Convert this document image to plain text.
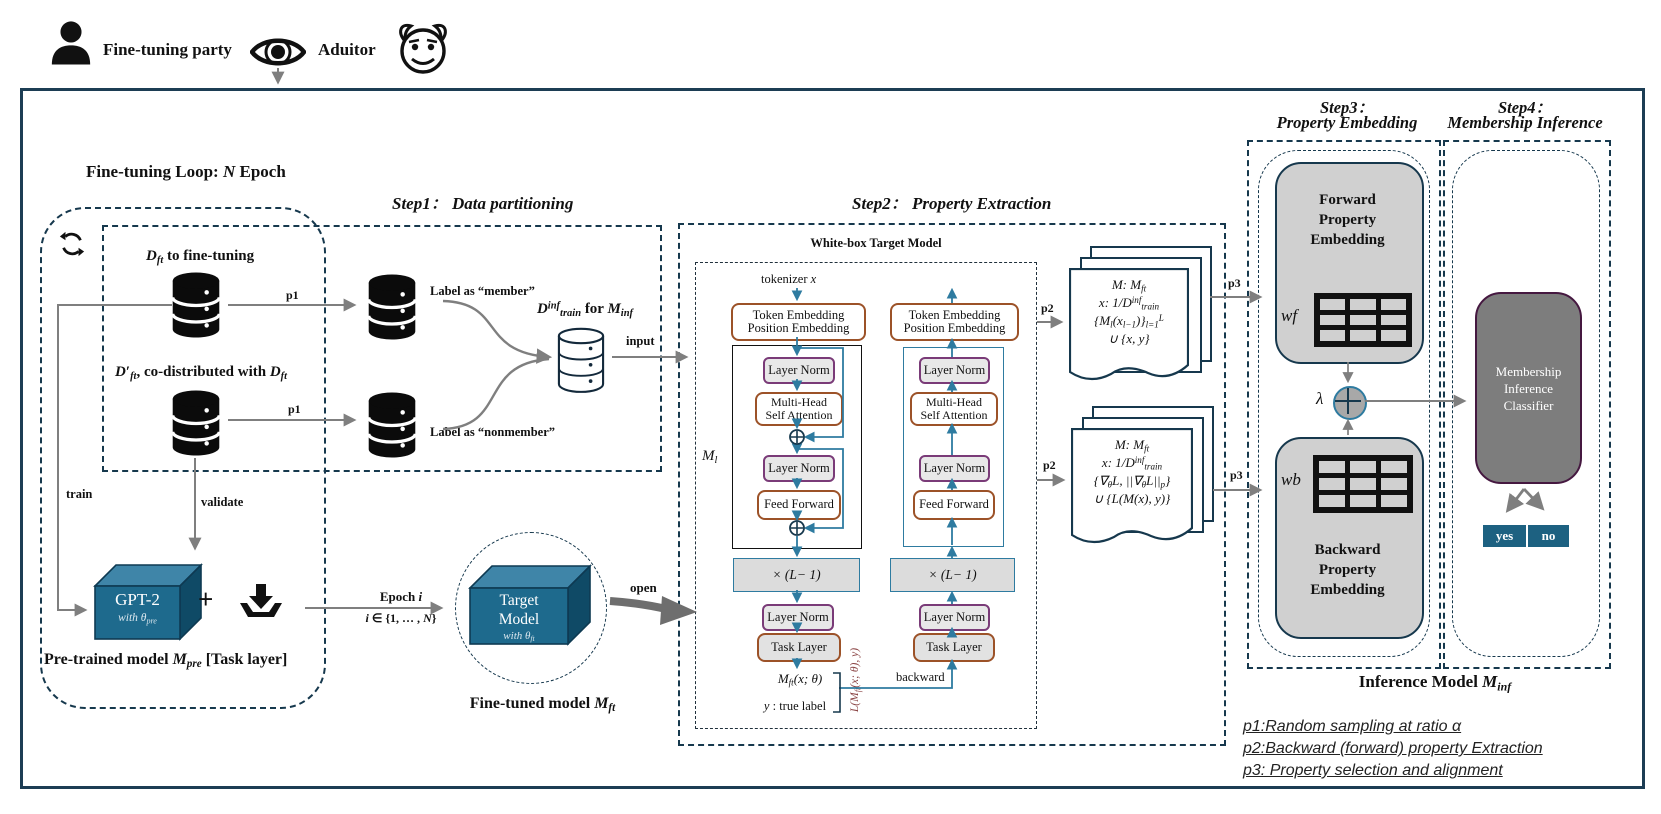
Fine-tuning party	Aduitor
Fine-tuning Loop: N Epoch
Step1： Data partitioning	Step2： Property Extraction
Step3：
Property Embedding
Step4：
Membership Inference
$D_{ft}$ to fine-tuning
$D'_{ft}$, co-distributed with $D_{ft}$
p1
p1
train
validate
Label as “member”
Label as “nonmember”
$D^{inf}_{train}$ for $M_{inf}$
input
GPT-2
with $\theta_{pre}$
+
Pre-trained model $M_{pre}$ [Task layer]
Epoch i
i ∈ {1, … , N}
Target
Model
with $\theta_{ft}$
Fine-tuned model $M_{ft}$
open
White-box Target Model
tokenizer x
Token Embedding
Position Embedding
Layer Norm
Multi-Head
Self Attention
Layer Norm
Feed Forward
× ( L − 1)
Layer Norm
Task Layer
$M_l$
$M_{ft}(x$; θ)
y : true label	$L(M_{ft}(x$; θ), y)
backward
Token Embedding
Position Embedding
Layer Norm
Multi-Head
Self Attention
Layer Norm
Feed Forward
× ( L − 1)
Layer Norm
Task Layer
p2
p2
p3
p3
M: $M_{ft}$
x: $1/D^{inf}_{train}$
$\{M_l(x_{l-1})\}_{l=1}^L$
∪ {x, y}
M: $M_{ft}$
x: $1/D^{inf}_{train}$
{$\nabla_\theta L$, $||\nabla_\theta L||_p$}
∪ {L(M(x), y)}
Forward
Property
Embedding
wf
λ
wb
Backward
Property
Embedding
Membership
Inference
Classifier
yes	no
Inference Model $M_{inf}$
p1:Random sampling at ratio α
p2:Backward (forward) property Extraction
p3: Property selection and alignment
